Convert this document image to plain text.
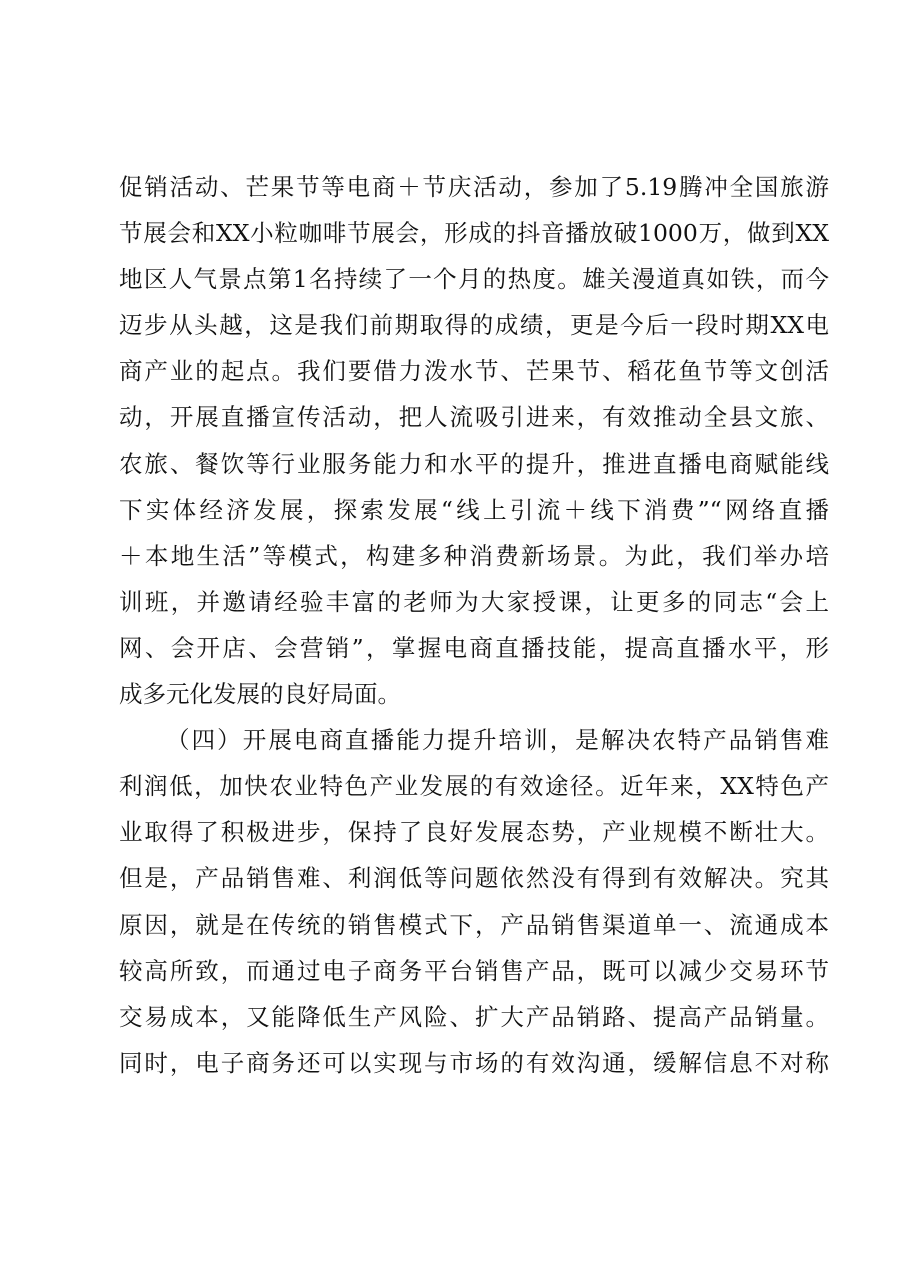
促销活动、芒果节等电商＋节庆活动，参加了5.19腾冲全国旅游
节展会和XX小粒咖啡节展会，形成的抖音播放破1000万，做到XX
地区人气景点第1名持续了一个月的热度。雄关漫道真如铁，而今
迈步从头越，这是我们前期取得的成绩，更是今后一段时期XX电
商产业的起点。我们要借力泼水节、芒果节、稻花鱼节等文创活
动，开展直播宣传活动，把人流吸引进来，有效推动全县文旅、
农旅、餐饮等行业服务能力和水平的提升，推进直播电商赋能线
下实体经济发展，探索发展“线上引流＋线下消费”“网络直播
＋本地生活”等模式，构建多种消费新场景。为此，我们举办培
训班，并邀请经验丰富的老师为大家授课，让更多的同志“会上
网、会开店、会营销”，掌握电商直播技能，提高直播水平，形
成多元化发展的良好局面。
（四）开展电商直播能力提升培训，是解决农特产品销售难
利润低，加快农业特色产业发展的有效途径。近年来，XX特色产
业取得了积极进步，保持了良好发展态势，产业规模不断壮大。
但是，产品销售难、利润低等问题依然没有得到有效解决。究其
原因，就是在传统的销售模式下，产品销售渠道单一、流通成本
较高所致，而通过电子商务平台销售产品，既可以减少交易环节
交易成本，又能降低生产风险、扩大产品销路、提高产品销量。
同时，电子商务还可以实现与市场的有效沟通，缓解信息不对称
